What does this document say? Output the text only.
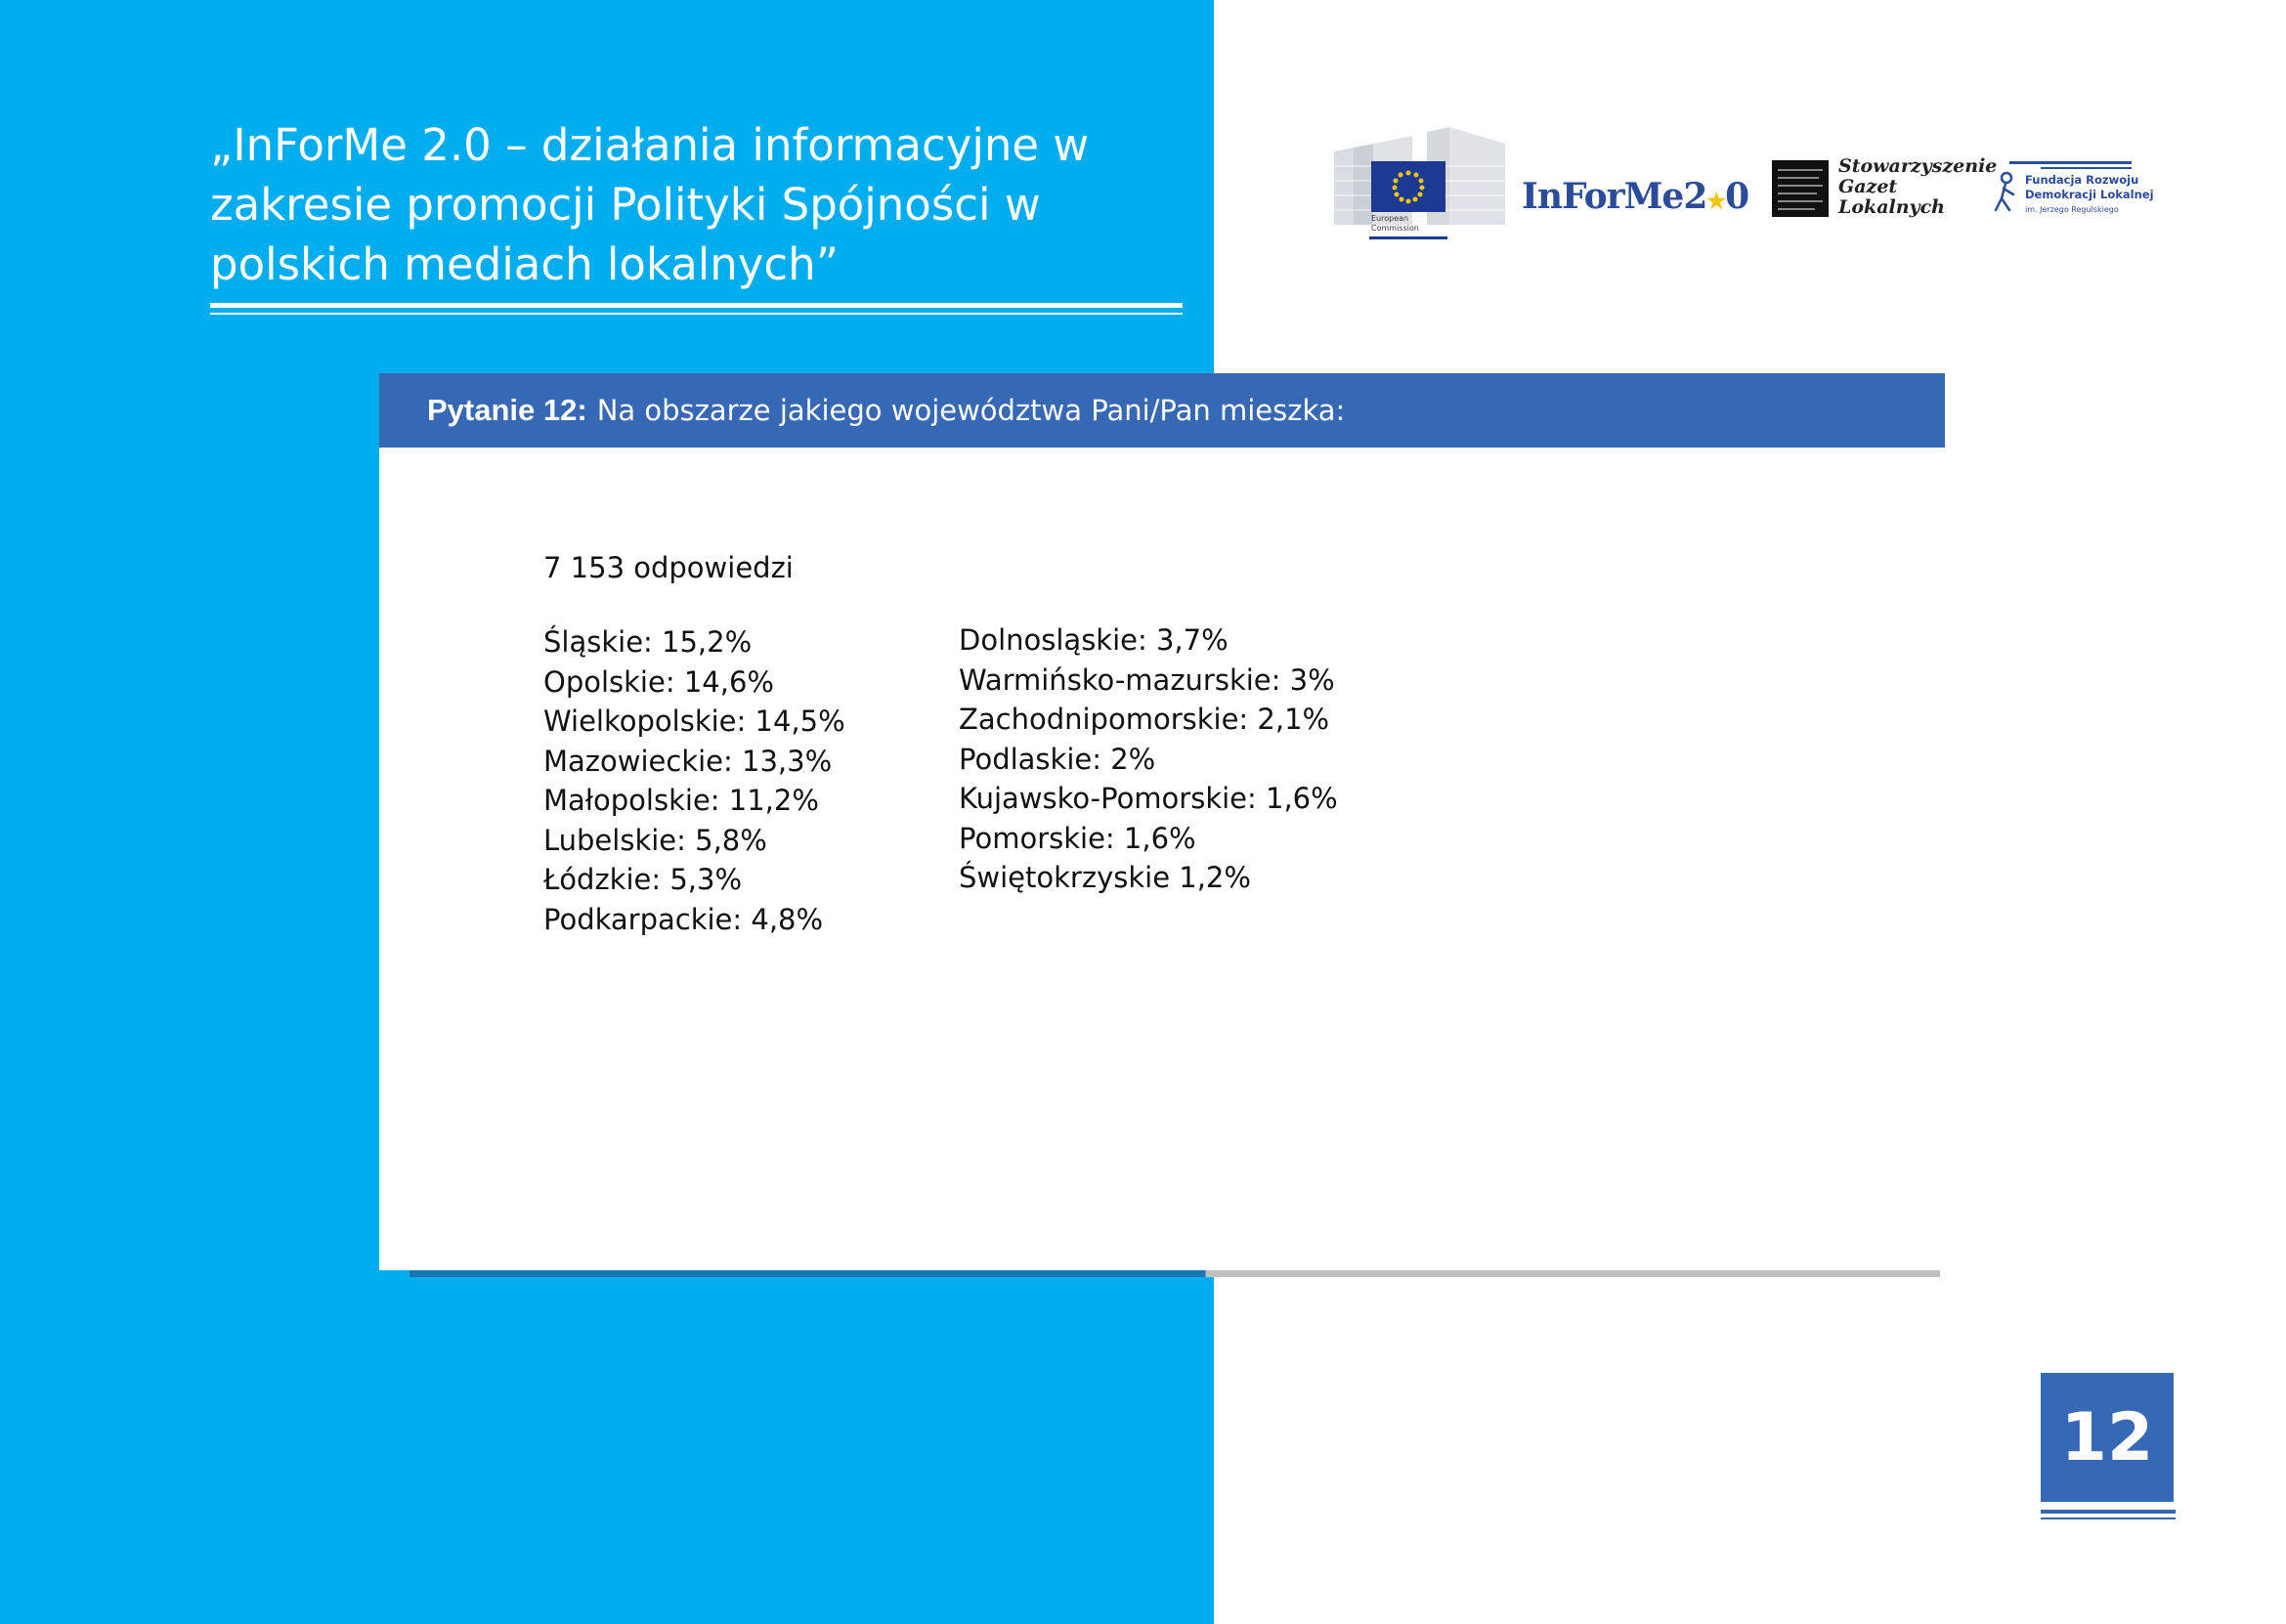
„InForMe 2.0 – działania informacyjne w zakresie promocji Polityki Spójności w polskich mediach lokalnych”
European
Commission
InForMe2★0
Stowarzyszenie
Gazet
Lokalnych
Fundacja Rozwoju
Demokracji Lokalnej
im. Jerzego Regulskiego
Pytanie 12: Na obszarze jakiego województwa Pani/Pan mieszka:
7 153 odpowiedzi
Śląskie: 15,2%
Opolskie: 14,6%
Wielkopolskie: 14,5%
Mazowieckie: 13,3%
Małopolskie: 11,2%
Lubelskie: 5,8%
Łódzkie: 5,3%
Podkarpackie: 4,8%
Dolnosląskie: 3,7%
Warmińsko-mazurskie: 3%
Zachodnipomorskie: 2,1%
Podlaskie: 2%
Kujawsko-Pomorskie: 1,6%
Pomorskie: 1,6%
Świętokrzyskie 1,2%
12
